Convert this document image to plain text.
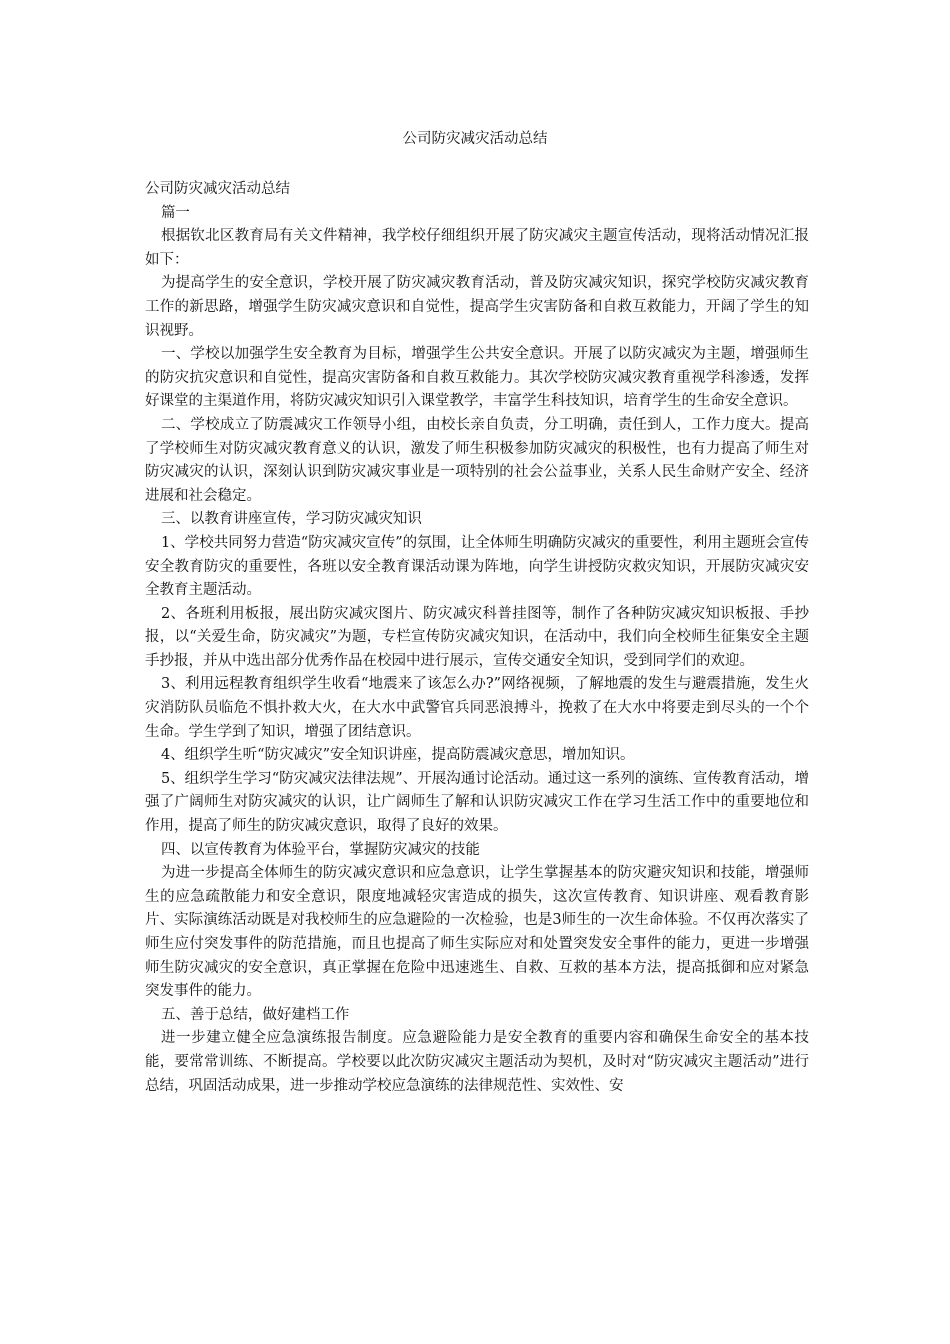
公司防灾减灾活动总结

公司防灾减灾活动总结

篇一

根据钦北区教育局有关文件精神，我学校仔细组织开展了防灾减灾主题宣传活动，现将活动情况汇报如下：

为提高学生的安全意识，学校开展了防灾减灾教育活动，普及防灾减灾知识，探究学校防灾减灾教育工作的新思路，增强学生防灾减灾意识和自觉性，提高学生灾害防备和自救互救能力，开阔了学生的知识视野。

一、学校以加强学生安全教育为目标，增强学生公共安全意识。开展了以防灾减灾为主题，增强师生的防灾抗灾意识和自觉性，提高灾害防备和自救互救能力。其次学校防灾减灾教育重视学科渗透，发挥好课堂的主渠道作用，将防灾减灾知识引入课堂教学，丰富学生科技知识，培育学生的生命安全意识。

二、学校成立了防震减灾工作领导小组，由校长亲自负责，分工明确，责任到人，工作力度大。提高了学校师生对防灾减灾教育意义的认识，激发了师生积极参加防灾减灾的积极性，也有力提高了师生对防灾减灾的认识，深刻认识到防灾减灾事业是一项特别的社会公益事业，关系人民生命财产安全、经济进展和社会稳定。

三、以教育讲座宣传，学习防灾减灾知识

1、学校共同努力营造“防灾减灾宣传”的氛围，让全体师生明确防灾减灾的重要性，利用主题班会宣传安全教育防灾的重要性，各班以安全教育课活动课为阵地，向学生讲授防灾救灾知识，开展防灾减灾安全教育主题活动。

2、各班利用板报，展出防灾减灾图片、防灾减灾科普挂图等，制作了各种防灾减灾知识板报、手抄报，以“关爱生命，防灾减灾”为题，专栏宣传防灾减灾知识，在活动中，我们向全校师生征集安全主题手抄报，并从中选出部分优秀作品在校园中进行展示，宣传交通安全知识，受到同学们的欢迎。

3、利用远程教育组织学生收看“地震来了该怎么办?”网络视频，了解地震的发生与避震措施，发生火灾消防队员临危不惧扑救大火，在大水中武警官兵同恶浪搏斗，挽救了在大水中将要走到尽头的一个个生命。学生学到了知识，增强了团结意识。

4、组织学生听“防灾减灾”安全知识讲座，提高防震减灾意思，增加知识。

5、组织学生学习“防灾减灾法律法规”、开展沟通讨论活动。通过这一系列的演练、宣传教育活动，增强了广阔师生对防灾减灾的认识，让广阔师生了解和认识防灾减灾工作在学习生活工作中的重要地位和作用，提高了师生的防灾减灾意识，取得了良好的效果。

四、以宣传教育为体验平台，掌握防灾减灾的技能

为进一步提高全体师生的防灾减灾意识和应急意识，让学生掌握基本的防灾避灾知识和技能，增强师生的应急疏散能力和安全意识，限度地减轻灾害造成的损失，这次宣传教育、知识讲座、观看教育影片、实际演练活动既是对我校师生的应急避险的一次检验，也是3师生的一次生命体验。不仅再次落实了师生应付突发事件的防范措施，而且也提高了师生实际应对和处置突发安全事件的能力，更进一步增强师生防灾减灾的安全意识，真正掌握在危险中迅速逃生、自救、互救的基本方法，提高抵御和应对紧急突发事件的能力。

五、善于总结，做好建档工作

进一步建立健全应急演练报告制度。应急避险能力是安全教育的重要内容和确保生命安全的基本技能，要常常训练、不断提高。学校要以此次防灾减灾主题活动为契机，及时对“防灾减灾主题活动”进行总结，巩固活动成果，进一步推动学校应急演练的法律规范性、实效性、安
